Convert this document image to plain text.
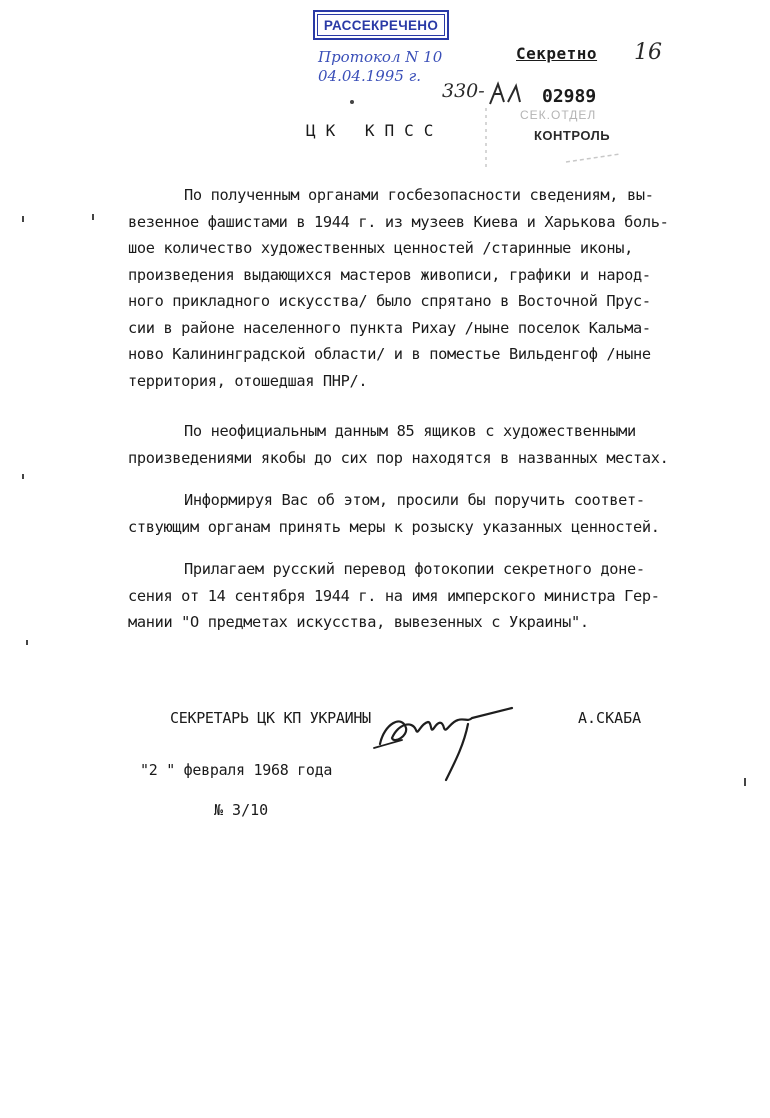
РАССЕКРЕЧЕНО
Протокол N 10
04.04.1995 г.
Секретно 16
330-	02989
СЕК.ОТДЕЛ
КОНТРОЛЬ
ЦК КПСС
По полученным органами госбезопасности сведениям, вы-
везенное фашистами в 1944 г. из музеев Киева и Харькова боль-
шое количество художественных ценностей /старинные иконы,
произведения выдающихся мастеров живописи, графики и народ-
ного прикладного искусства/ было спрятано в Восточной Прус-
сии в районе населенного пункта Рихау /ныне поселок Кальма-
ново Калининградской области/ и в поместье Вильденгоф /ныне
территория, отошедшая ПНР/.
По неофициальным данным 85 ящиков с художественными
произведениями якобы до сих пор находятся в названных местах.
Информируя Вас об этом, просили бы поручить соответ-
ствующим органам принять меры к розыску указанных ценностей.
Прилагаем русский перевод фотокопии секретного доне-
сения от 14 сентября 1944 г. на имя имперского министра Гер-
мании "О предметах искусства, вывезенных с Украины".
СЕКРЕТАРЬ ЦК КП УКРАИНЫ	А.СКАБА
"2 " февраля 1968 года
№ 3/10
